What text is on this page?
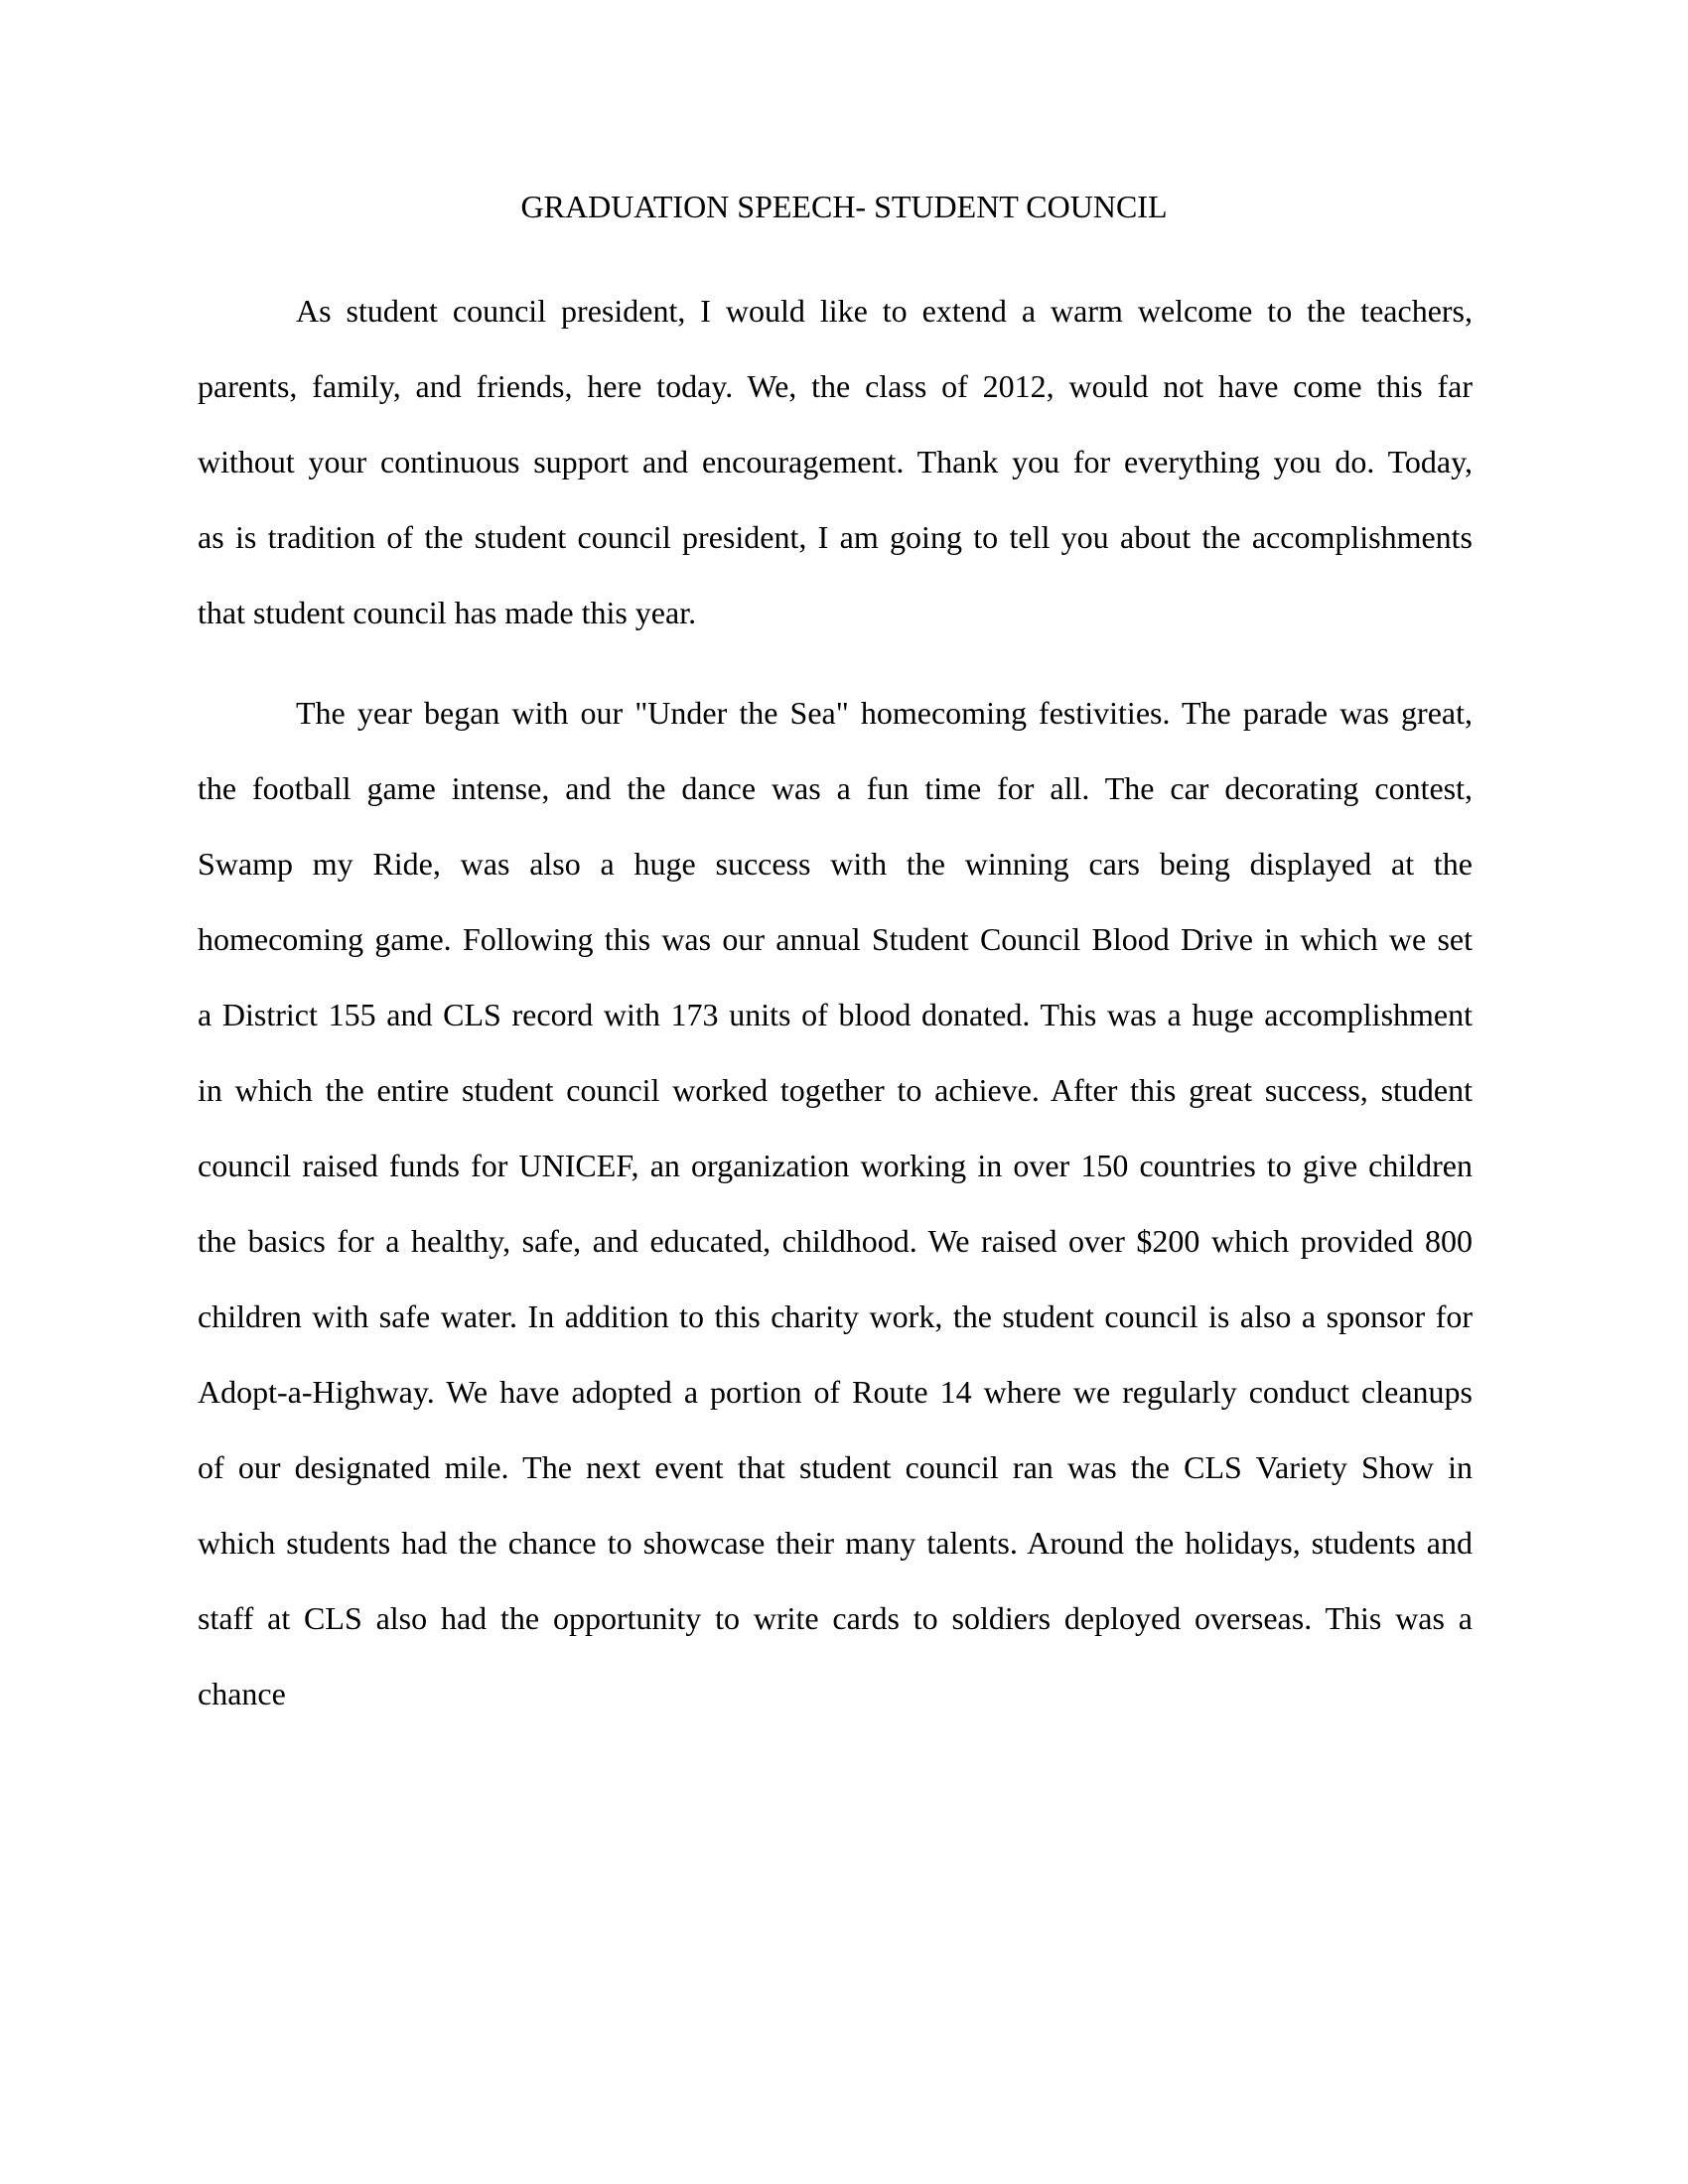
GRADUATION SPEECH- STUDENT COUNCIL
As student council president, I would like to extend a warm welcome to the teachers,
parents, family, and friends, here today. We, the class of 2012, would not have come this far
without your continuous support and encouragement. Thank you for everything you do. Today,
as is tradition of the student council president, I am going to tell you about the accomplishments
that student council has made this year.
The year began with our "Under the Sea" homecoming festivities. The parade was great,
the football game intense, and the dance was a fun time for all. The car decorating contest,
Swamp my Ride, was also a huge success with the winning cars being displayed at the
homecoming game. Following this was our annual Student Council Blood Drive in which we set
a District 155 and CLS record with 173 units of blood donated. This was a huge accomplishment
in which the entire student council worked together to achieve. After this great success, student
council raised funds for UNICEF, an organization working in over 150 countries to give children
the basics for a healthy, safe, and educated, childhood. We raised over $200 which provided 800
children with safe water. In addition to this charity work, the student council is also a sponsor for
Adopt-a-Highway. We have adopted a portion of Route 14 where we regularly conduct cleanups
of our designated mile. The next event that student council ran was the CLS Variety Show in
which students had the chance to showcase their many talents. Around the holidays, students and
staff at CLS also had the opportunity to write cards to soldiers deployed overseas. This was a
chance
